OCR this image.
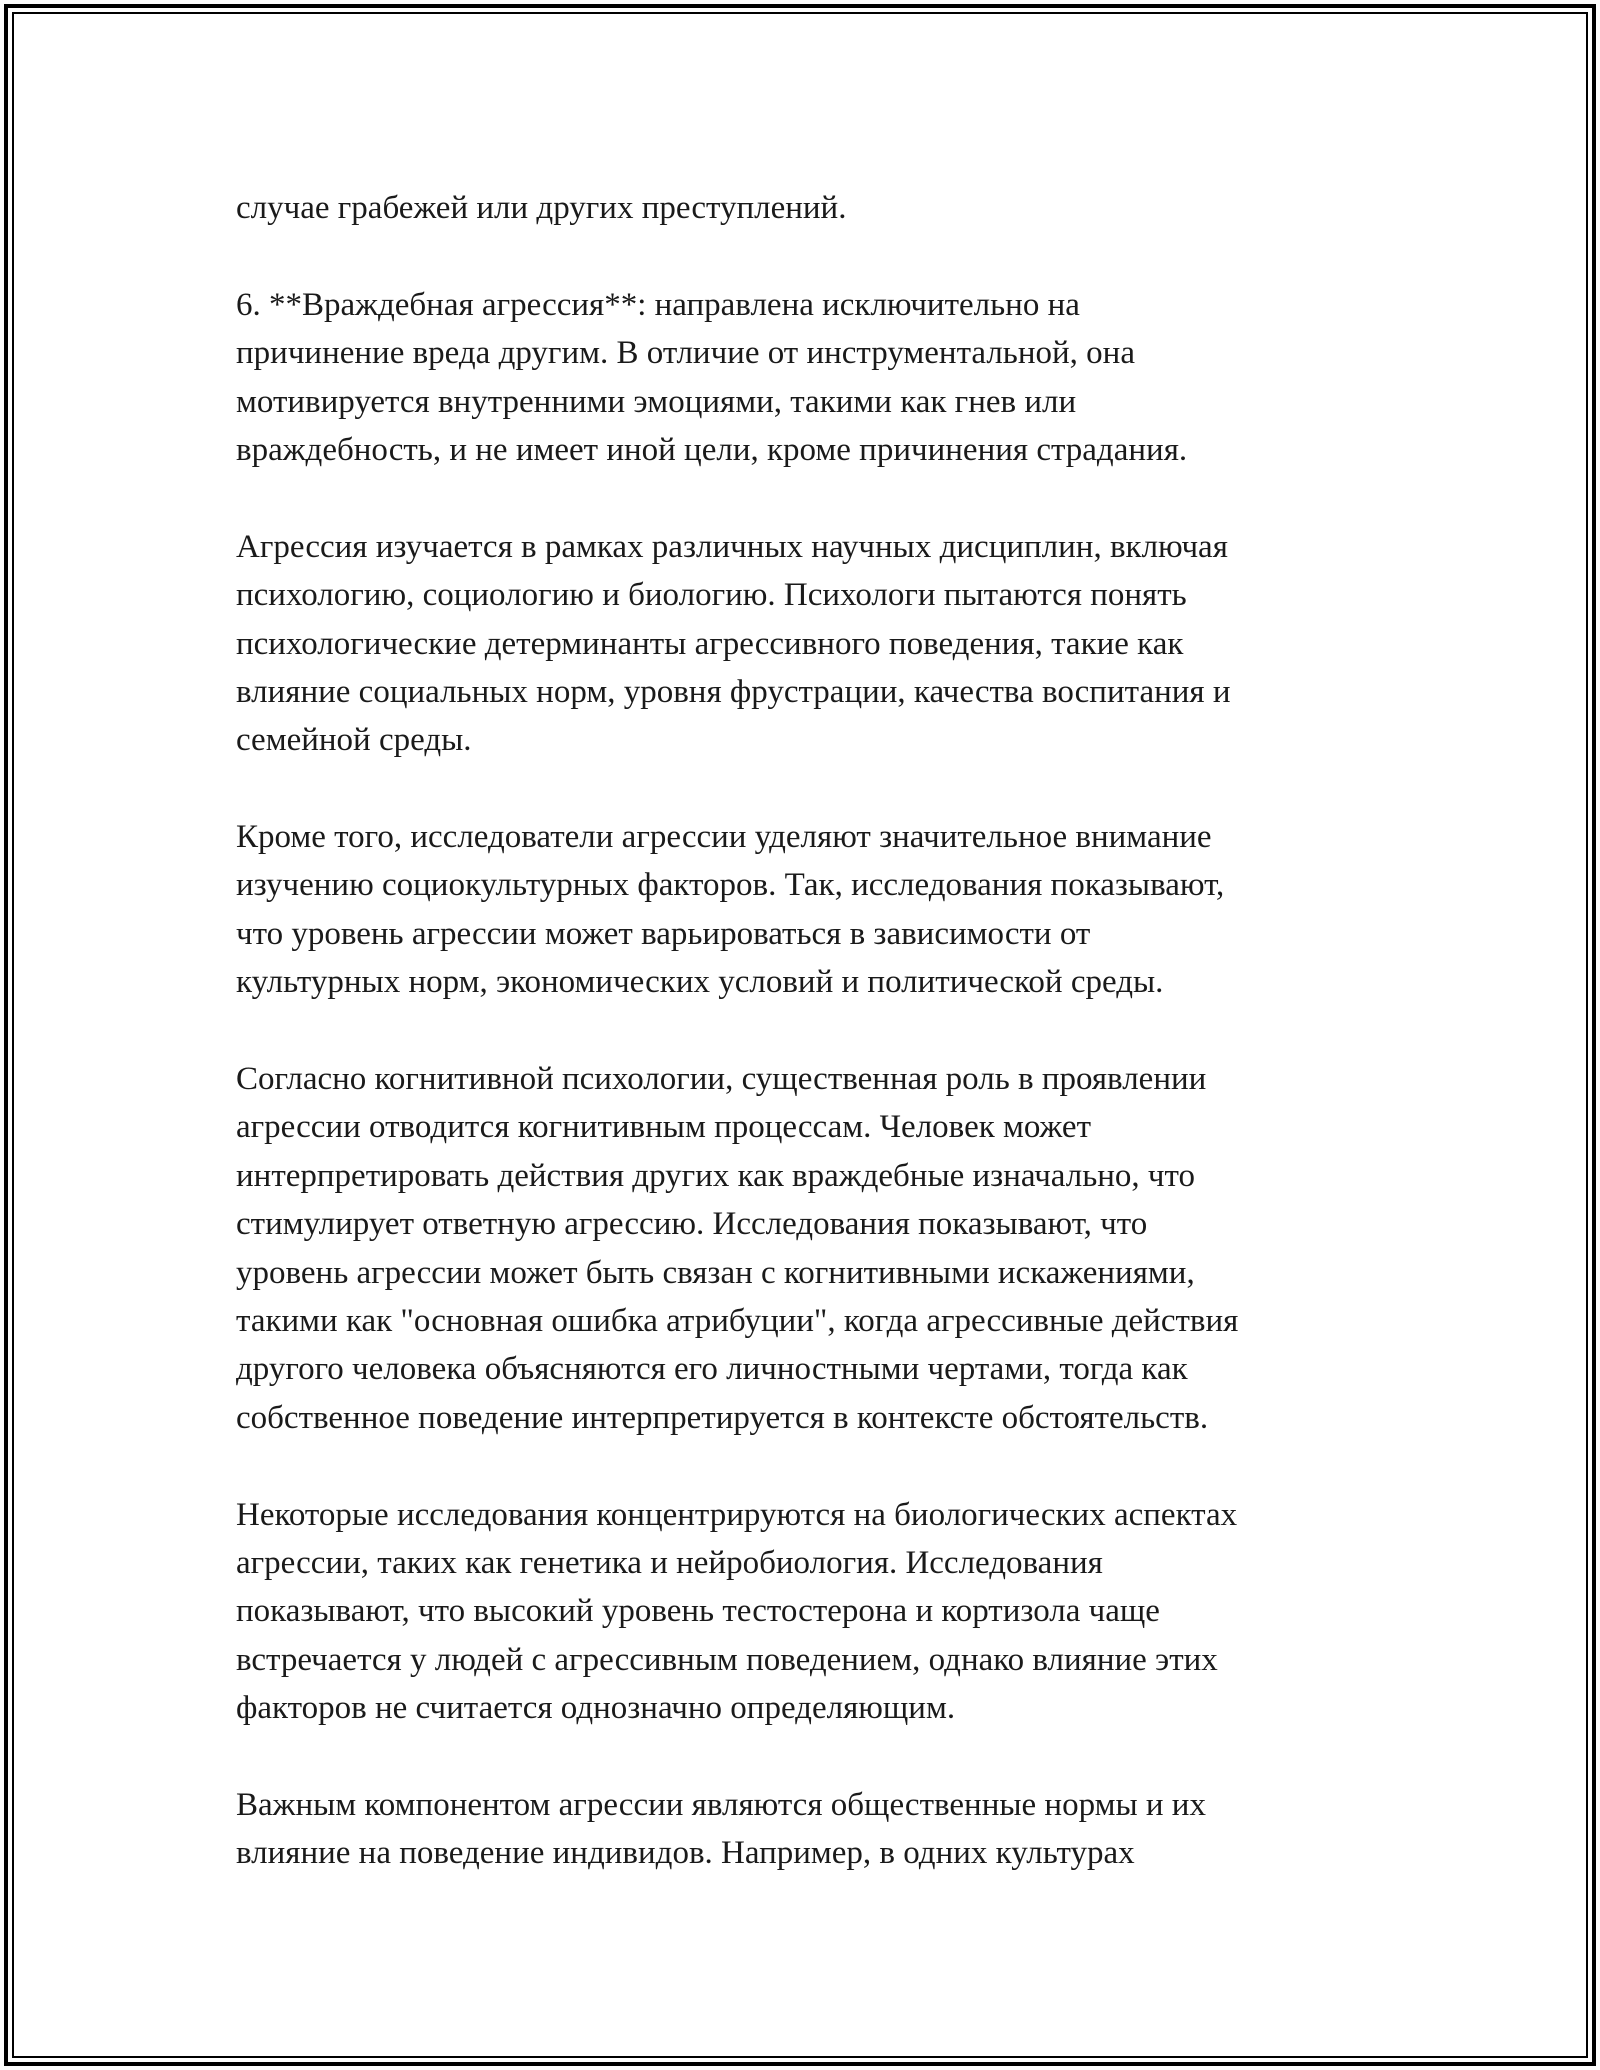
случае грабежей или других преступлений.
6. **Враждебная агрессия**: направлена исключительно на
причинение вреда другим. В отличие от инструментальной, она
мотивируется внутренними эмоциями, такими как гнев или
враждебность, и не имеет иной цели, кроме причинения страдания.
Агрессия изучается в рамках различных научных дисциплин, включая
психологию, социологию и биологию. Психологи пытаются понять
психологические детерминанты агрессивного поведения, такие как
влияние социальных норм, уровня фрустрации, качества воспитания и
семейной среды.
Кроме того, исследователи агрессии уделяют значительное внимание
изучению социокультурных факторов. Так, исследования показывают,
что уровень агрессии может варьироваться в зависимости от
культурных норм, экономических условий и политической среды.
Согласно когнитивной психологии, существенная роль в проявлении
агрессии отводится когнитивным процессам. Человек может
интерпретировать действия других как враждебные изначально, что
стимулирует ответную агрессию. Исследования показывают, что
уровень агрессии может быть связан с когнитивными искажениями,
такими как "основная ошибка атрибуции", когда агрессивные действия
другого человека объясняются его личностными чертами, тогда как
собственное поведение интерпретируется в контексте обстоятельств.
Некоторые исследования концентрируются на биологических аспектах
агрессии, таких как генетика и нейробиология. Исследования
показывают, что высокий уровень тестостерона и кортизола чаще
встречается у людей с агрессивным поведением, однако влияние этих
факторов не считается однозначно определяющим.
Важным компонентом агрессии являются общественные нормы и их
влияние на поведение индивидов. Например, в одних культурах
